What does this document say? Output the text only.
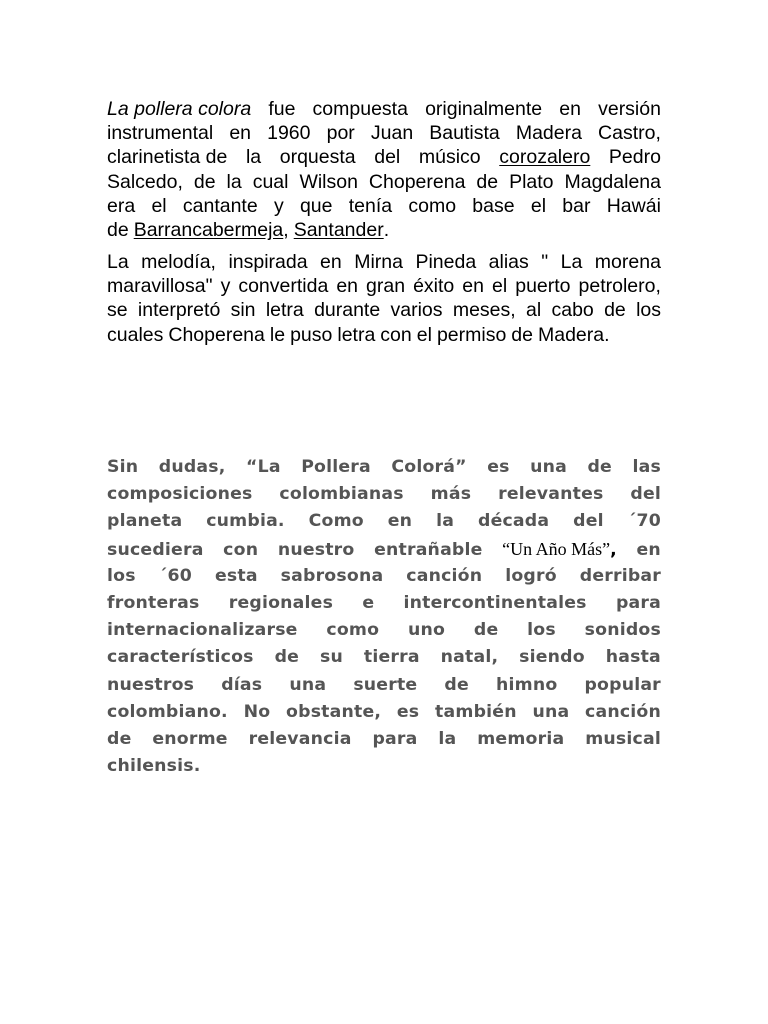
La pollera colora fue compuesta originalmente en versión
instrumental en 1960 por Juan Bautista Madera Castro,
clarinetista de la orquesta del músico corozalero Pedro
Salcedo, de la cual Wilson Choperena de Plato Magdalena
era el cantante y que tenía como base el bar Hawái
de Barrancabermeja , Santander .
La melodía, inspirada en Mirna Pineda alias " La morena
maravillosa" y convertida en gran éxito en el puerto petrolero,
se interpretó sin letra durante varios meses, al cabo de los
cuales Choperena le puso letra con el permiso de Madera.
Sin dudas, “La Pollera Colorá” es una de las
composiciones colombianas más relevantes del
planeta cumbia. Como en la década del ´70
sucediera con nuestro entrañable “Un Año Más” , en
los ´60 esta sabrosona canción logró derribar
fronteras regionales e intercontinentales para
internacionalizarse como uno de los sonidos
característicos de su tierra natal, siendo hasta
nuestros días una suerte de himno popular
colombiano. No obstante, es también una canción
de enorme relevancia para la memoria musical
chilensis.
